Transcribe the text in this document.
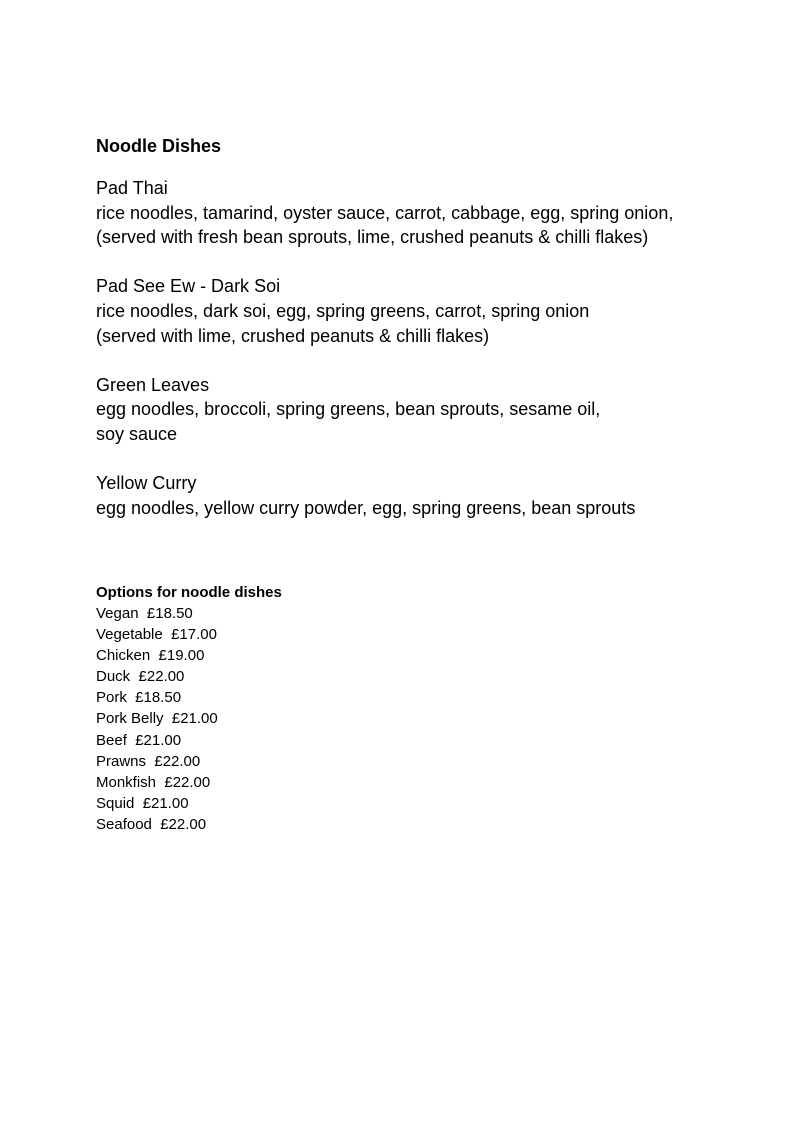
Noodle Dishes
Pad Thai
rice noodles, tamarind, oyster sauce, carrot, cabbage, egg, spring onion,
(served with fresh bean sprouts, lime, crushed peanuts & chilli flakes)
Pad See Ew - Dark Soi
rice noodles, dark soi, egg, spring greens, carrot, spring onion
(served with lime, crushed peanuts & chilli flakes)
Green Leaves
egg noodles, broccoli, spring greens, bean sprouts, sesame oil,
soy sauce
Yellow Curry
egg noodles, yellow curry powder, egg, spring greens, bean sprouts
Options for noodle dishes
Vegan  £18.50
Vegetable  £17.00
Chicken  £19.00
Duck  £22.00
Pork  £18.50
Pork Belly  £21.00
Beef  £21.00
Prawns  £22.00
Monkfish  £22.00
Squid  £21.00
Seafood  £22.00
